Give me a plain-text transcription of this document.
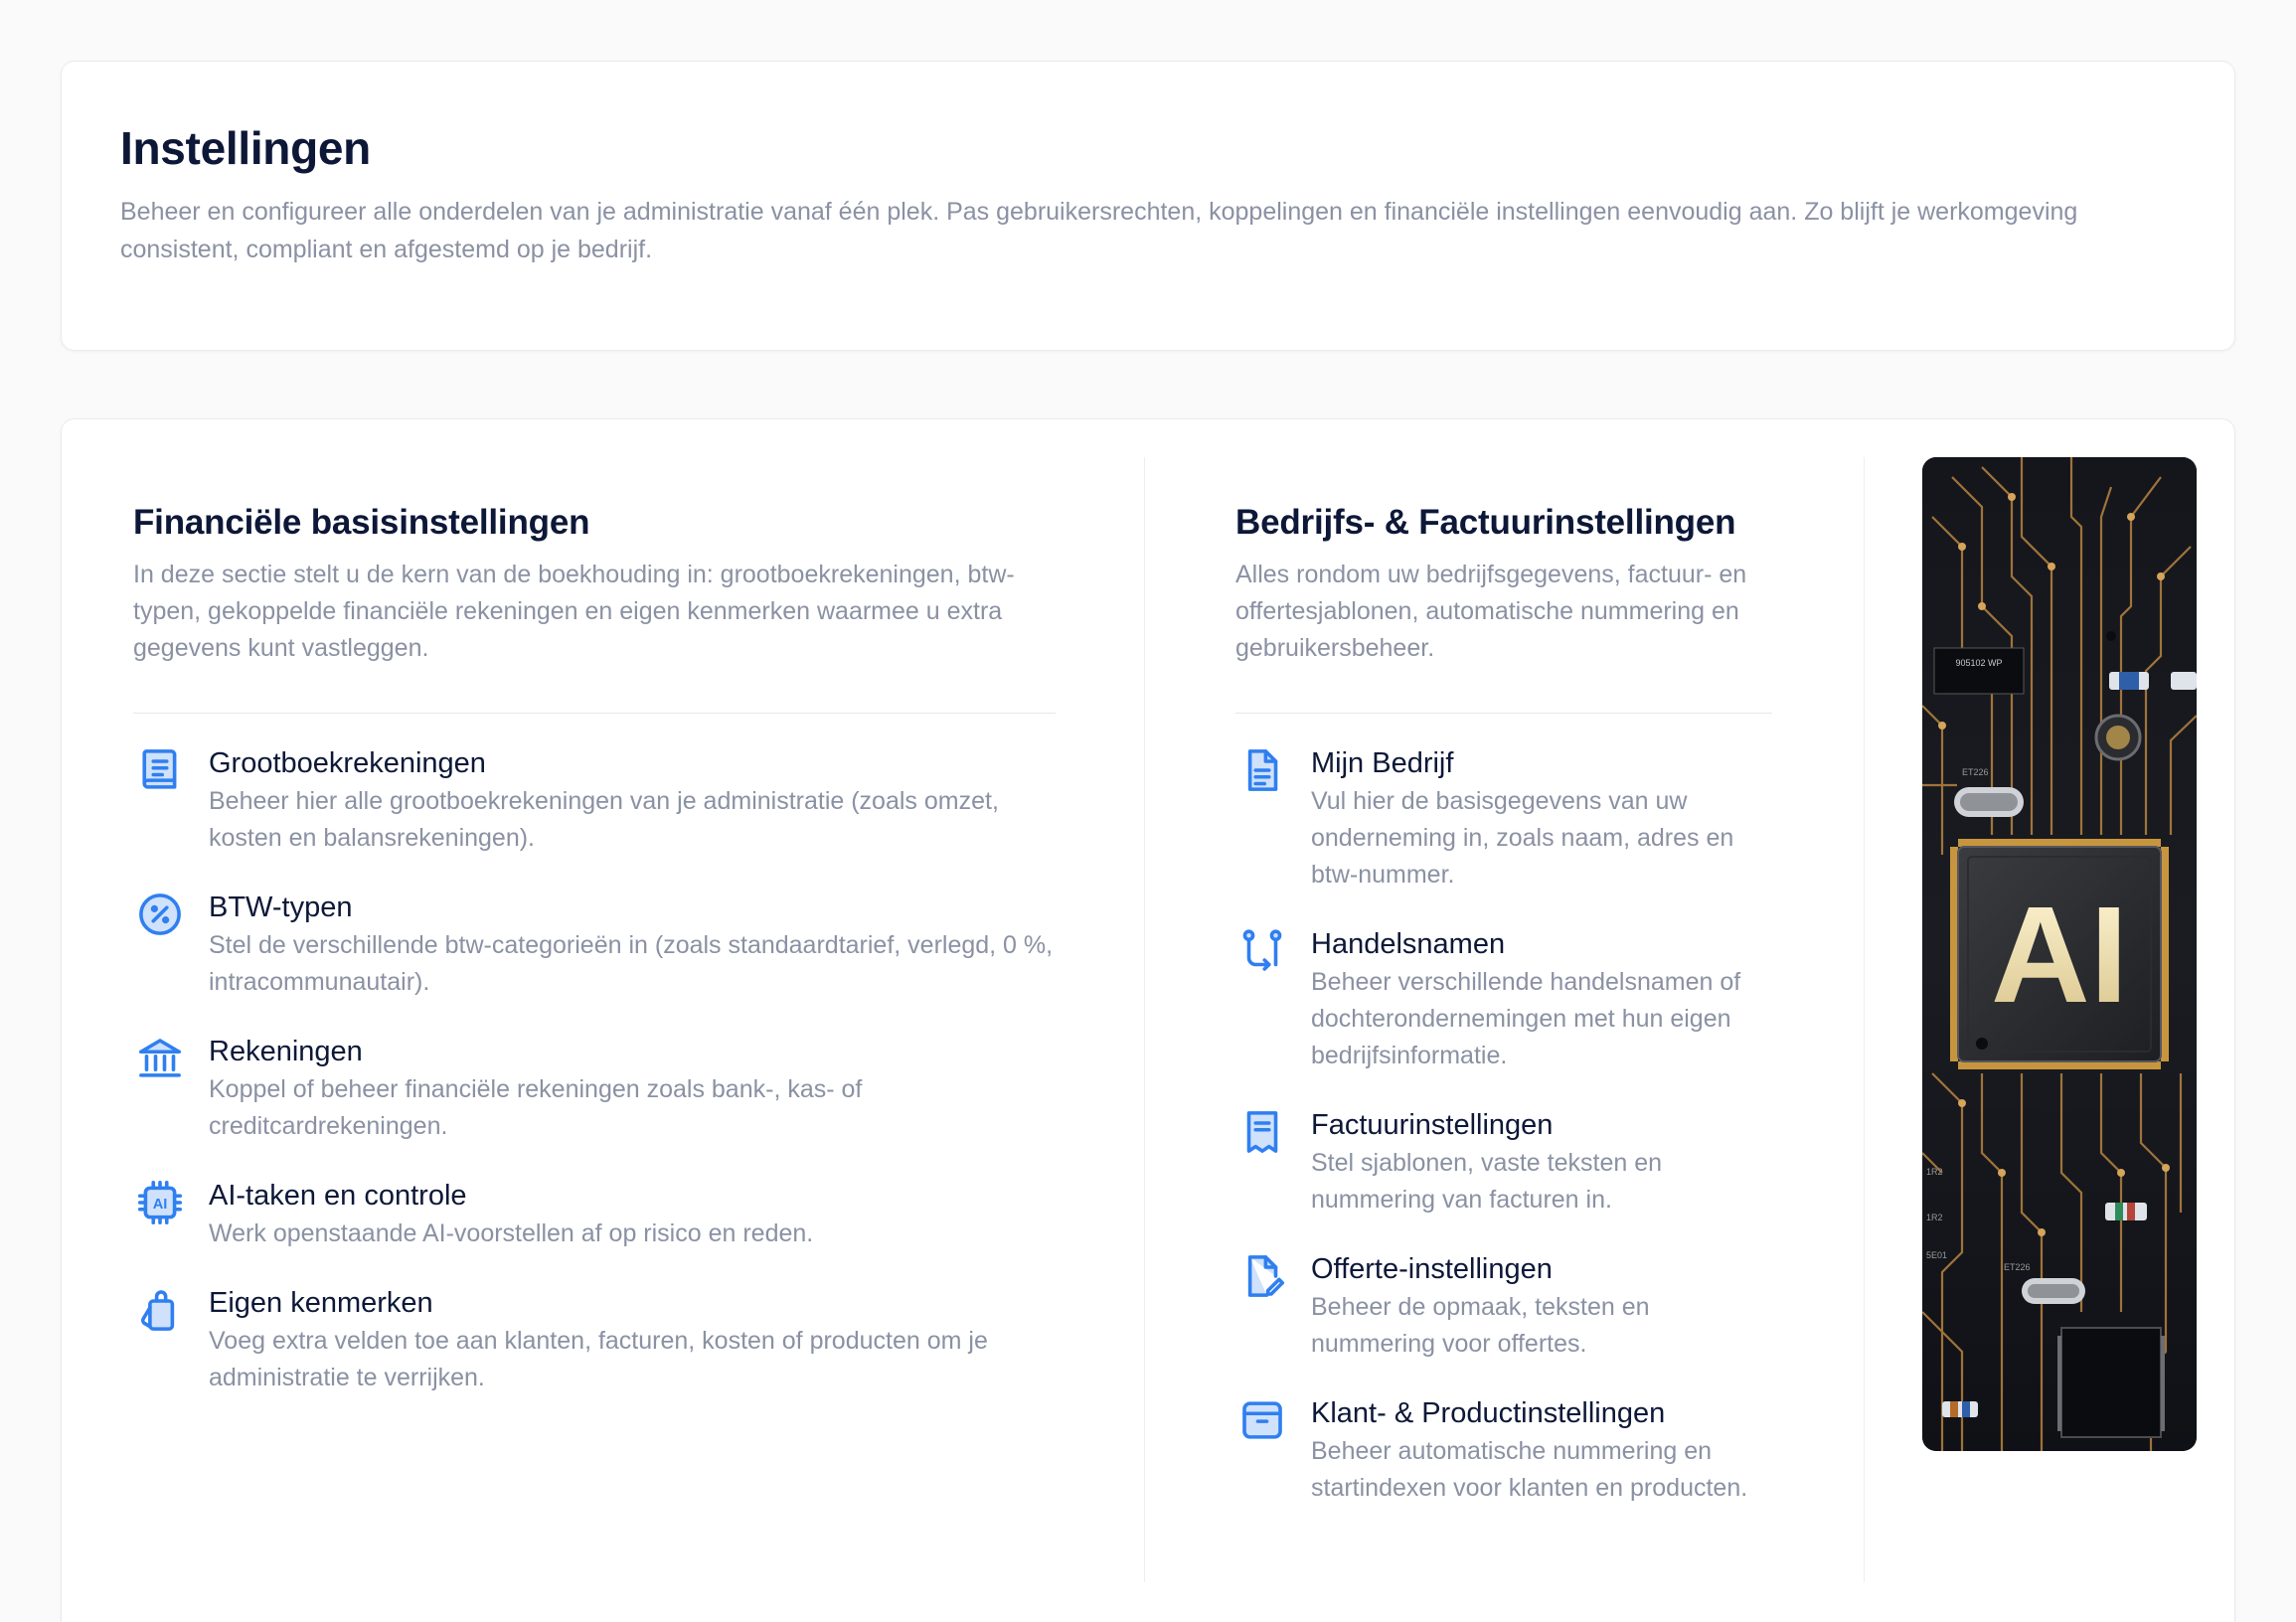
Instellingen

Beheer en configureer alle onderdelen van je administratie vanaf één plek. Pas gebruikersrechten, koppelingen en financiële instellingen eenvoudig aan. Zo blijft je werkomgeving consistent, compliant en afgestemd op je bedrijf.

Financiële basisinstellingen
In deze sectie stelt u de kern van de boekhouding in: grootboekrekeningen, btw-typen, gekoppelde financiële rekeningen en eigen kenmerken waarmee u extra gegevens kunt vastleggen.
Grootboekrekeningen
Beheer hier alle grootboekrekeningen van je administratie (zoals omzet, kosten en balansrekeningen).
BTW-typen
Stel de verschillende btw-categorieën in (zoals standaardtarief, verlegd, 0 %, intracommunautair).
Rekeningen
Koppel of beheer financiële rekeningen zoals bank-, kas- of creditcardrekeningen.
AI AI-taken en controle
Werk openstaande AI-voorstellen af op risico en reden.
Eigen kenmerken
Voeg extra velden toe aan klanten, facturen, kosten of producten om je administratie te verrijken.
Bedrijfs- & Factuurinstellingen
Alles rondom uw bedrijfsgegevens, factuur- en offertesjablonen, automatische nummering en gebruikersbeheer.
Mijn Bedrijf
Vul hier de basisgegevens van uw onderneming in, zoals naam, adres en btw-nummer.
Handelsnamen
Beheer verschillende handelsnamen of dochterondernemingen met hun eigen bedrijfsinformatie.
Factuurinstellingen
Stel sjablonen, vaste teksten en nummering van facturen in.
Offerte-instellingen
Beheer de opmaak, teksten en nummering voor offertes.
Klant- & Productinstellingen
Beheer automatische nummering en startindexen voor klanten en producten.
905102 WP
AI
1R2
1R2
5E01
ET226
ET226
